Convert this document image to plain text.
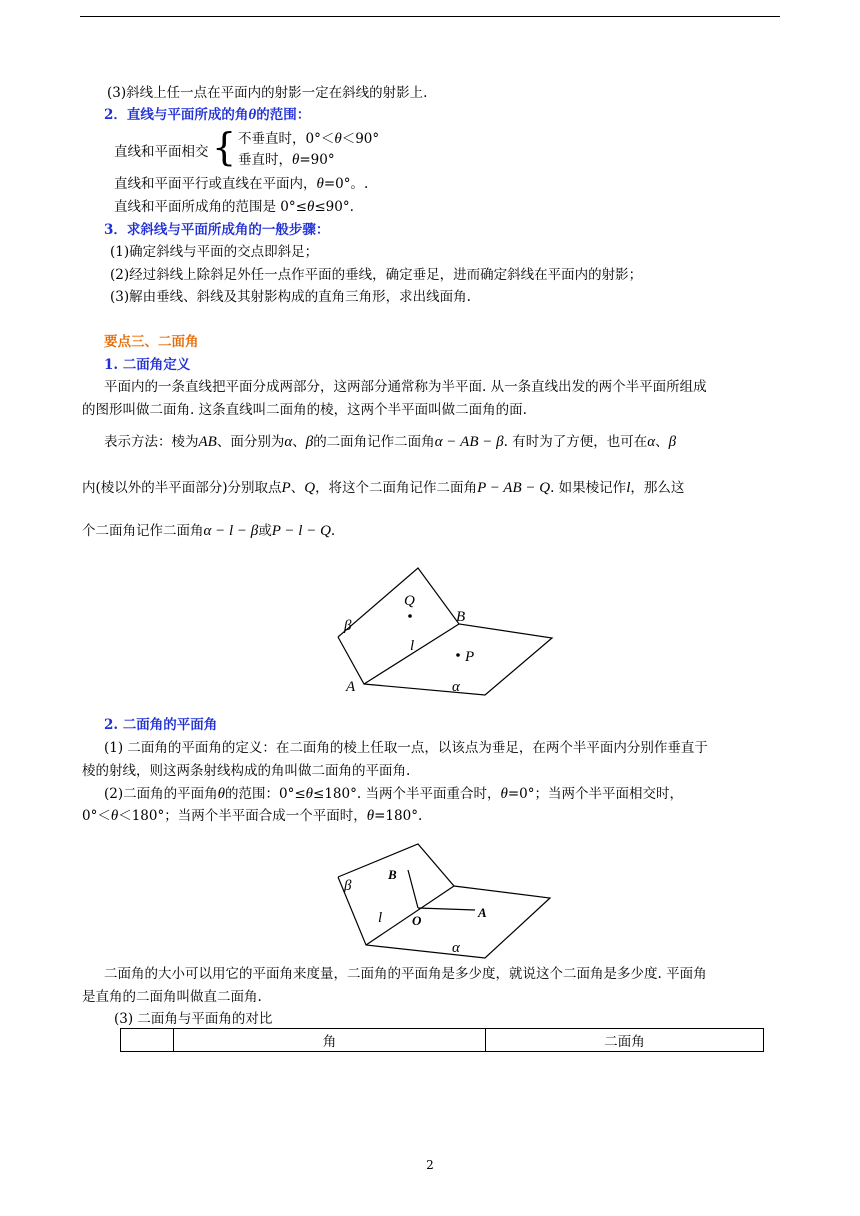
(3)斜线上任一点在平面内的射影一定在斜线的射影上.
2．直线与平面所成的角θ的范围：
直线和平面相交 { 不垂直时，0°＜θ＜90°
垂直时，θ=90°
直线和平面平行或直线在平面内，θ=0°。.
直线和平面所成角的范围是 0°≤θ≤90°.
3．求斜线与平面所成角的一般步骤：
(1)确定斜线与平面的交点即斜足；
(2)经过斜线上除斜足外任一点作平面的垂线，确定垂足，进而确定斜线在平面内的射影；
(3)解由垂线、斜线及其射影构成的直角三角形，求出线面角.
要点三、二面角
1. 二面角定义
平面内的一条直线把平面分成两部分，这两部分通常称为半平面. 从一条直线出发的两个半平面所组成
的图形叫做二面角. 这条直线叫二面角的棱，这两个半平面叫做二面角的面.
表示方法：棱为AB、面分别为α、β的二面角记作二面角α − AB − β. 有时为了方便，也可在α、β
内(棱以外的半平面部分)分别取点P、Q，将这个二面角记作二面角P − AB − Q. 如果棱记作l，那么这
个二面角记作二面角α − l − β或P − l − Q.
β
Q
B
l
P
A	α
2. 二面角的平面角
(1) 二面角的平面角的定义：在二面角的棱上任取一点，以该点为垂足，在两个半平面内分别作垂直于
棱的射线，则这两条射线构成的角叫做二面角的平面角.
(2)二面角的平面角θ的范围：0°≤θ≤180°. 当两个半平面重合时，θ=0°；当两个半平面相交时，
0°＜θ＜180°；当两个半平面合成一个平面时，θ=180°.
β
B
l O
A
α
二面角的大小可以用它的平面角来度量，二面角的平面角是多少度，就说这个二面角是多少度. 平面角
是直角的二面角叫做直二面角.
(3) 二面角与平面角的对比
	角	二面角
2
